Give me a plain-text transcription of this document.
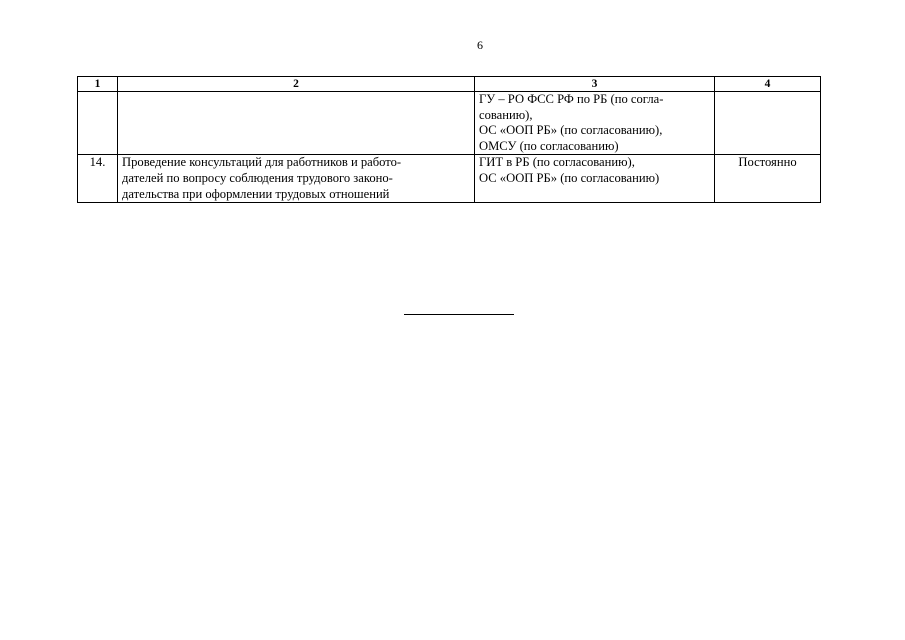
6
1	2	3	4

		ГУ – РО ФСС РФ по РБ (по согла-
сованию),
ОС «ООП РБ» (по согласованию),
ОМСУ (по согласованию)	

14.	Проведение консультаций для работников и работо-
дателей по вопросу соблюдения трудового законо-
дательства при оформлении трудовых отношений	ГИТ в РБ (по согласованию),
ОС «ООП РБ» (по согласованию)	Постоянно
